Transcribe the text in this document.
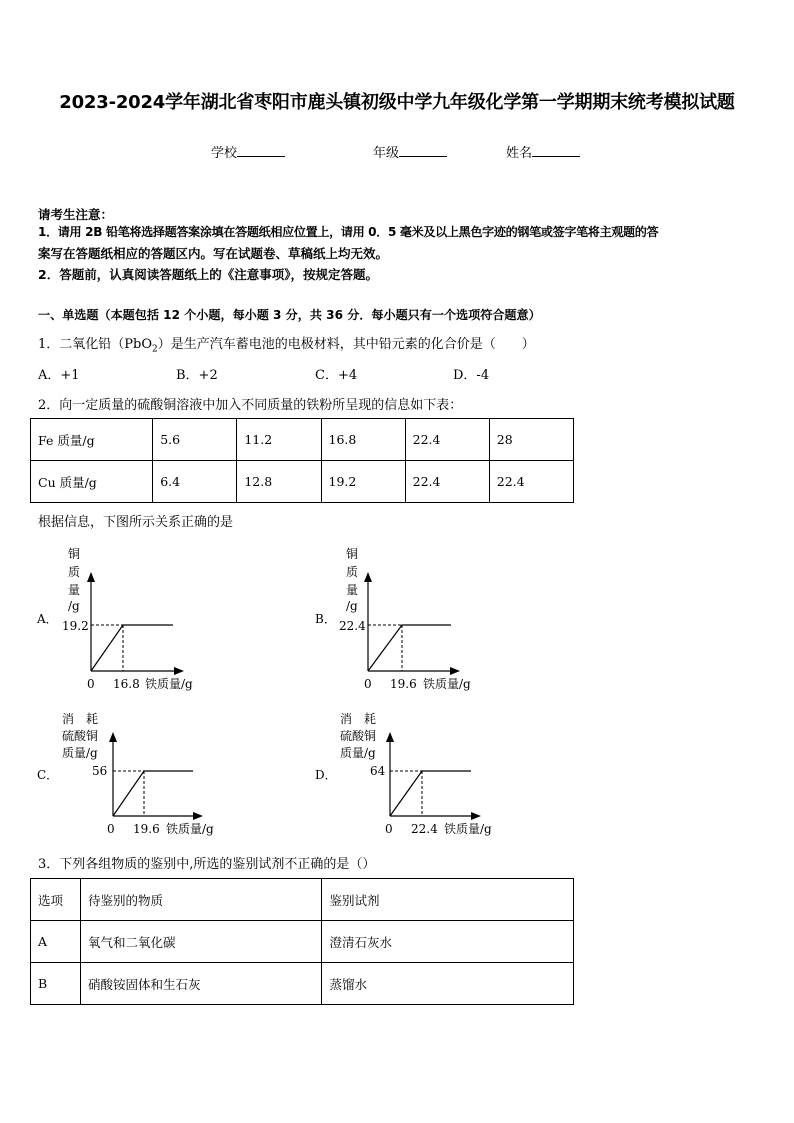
2023-2024学年湖北省枣阳市鹿头镇初级中学九年级化学第一学期期末统考模拟试题
学校	年级	姓名
请考生注意：
1．请用 2B 铅笔将选择题答案涂填在答题纸相应位置上，请用 0．5 毫米及以上黑色字迹的钢笔或签字笔将主观题的答
案写在答题纸相应的答题区内。写在试题卷、草稿纸上均无效。
2．答题前，认真阅读答题纸上的《注意事项》，按规定答题。
一、单选题（本题包括 12 个小题，每小题 3 分，共 36 分．每小题只有一个选项符合题意）
1．二氧化铅（PbO$_2$）是生产汽车蓄电池的电极材料，其中铅元素的化合价是（　　）
A．+1	B．+2	C．+4	D．-4
2．向一定质量的硫酸铜溶液中加入不同质量的铁粉所呈现的信息如下表：
Fe 质量/g	5.6	11.2	16.8	22.4	28
Cu 质量/g	6.4	12.8	19.2	22.4	22.4
根据信息，下图所示关系正确的是
A．
铜
质
量
/g
19.2
0 16.8 铁质量/g
B．
铜
质
量
/g
22.4
0 19.6 铁质量/g
C．
消　耗
硫酸铜
质量/g
56
0 19.6 铁质量/g
D．
消　耗
硫酸铜
质量/g
64
0 22.4 铁质量/g
3．下列各组物质的鉴别中,所选的鉴别试剂不正确的是（）
选项	待鉴别的物质	鉴别试剂
A	氧气和二氧化碳	澄清石灰水
B	硝酸铵固体和生石灰	蒸馏水
